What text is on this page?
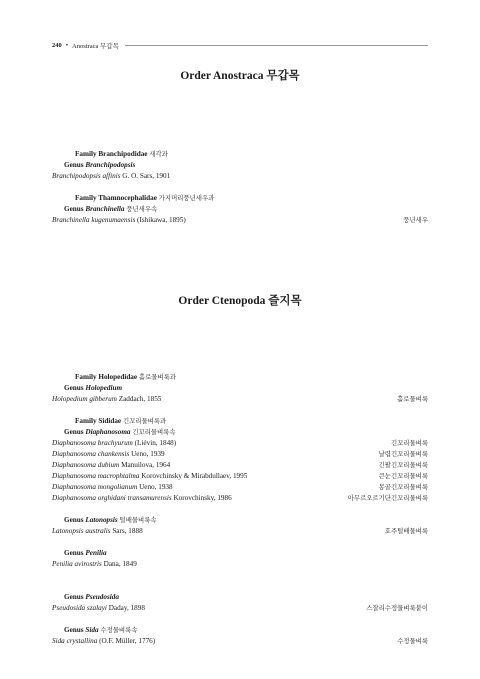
240 • Anostraca 무갑목
Order Anostraca 무갑목
Family Branchipodidae 새각과
Genus Branchipodopsis
Branchipodopsis affinis G. O. Sars, 1901
Family Thamnocephalidae 가지머리풍년새우과
Genus Branchinella 풍년새우속
Branchinella kugenumaensis (Ishikawa, 1895)	풍년새우
Order Ctenopoda 즐지목
Family Holopedidae 홀로물벼룩과
Genus Holopedium
Holopedium gibberum Zaddach, 1855	홀로물벼룩
Family Sididae 긴꼬리물벼룩과
Genus Diaphanosoma 긴꼬리물벼룩속
Diaphanosoma brachyurum (Liévin, 1848)	긴꼬리물벼룩
Diaphanosoma chankensis Ueno, 1939	날렵긴꼬리물벼룩
Diaphanosoma dubium Manuilova, 1964	긴팔긴꼬리물벼룩
Diaphanosoma macrophtalma Korovchinsky & Mirabdullaev, 1995	큰눈긴꼬리물벼룩
Diaphanosoma mongolianum Ueno, 1938	몽골긴꼬리물벼룩
Diaphanosoma orghidani transamurensis Korovchinsky, 1986	아무르오르기단긴꼬리물벼룩
Genus Latonopsis 털배물벼룩속
Latonopsis australis Sars, 1888	호주털배물벼룩
Genus Penilia
Penilia avirostris Dana, 1849
Genus Pseudosida
Pseudosida szalayi Daday, 1898	스잘리수정물벼룩붙이
Genus Sida 수정물벼룩속
Sida crystallina (O.F. Müller, 1776)	수정물벼룩
